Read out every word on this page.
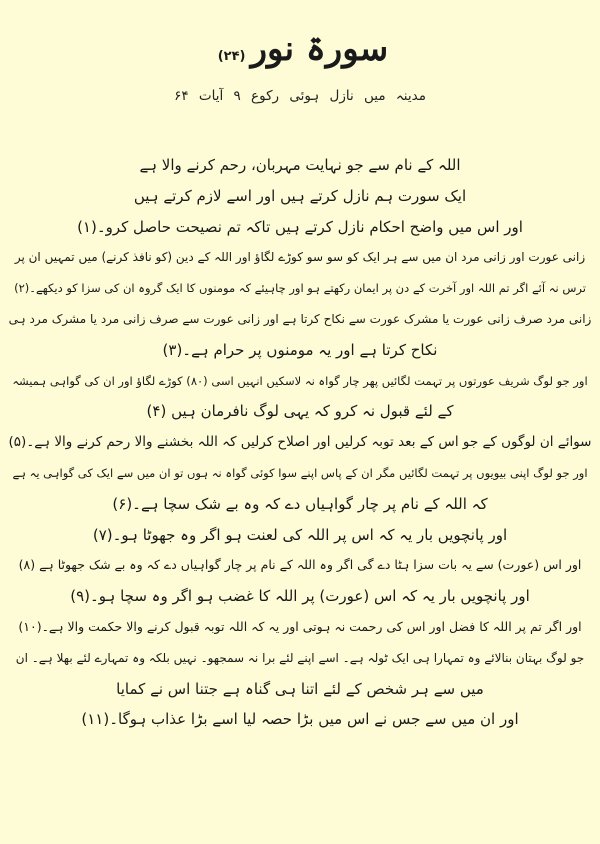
سورۃ نور (۲۴)
مدینہ میں نازل ہوئی رکوع ۹ آیات ۶۴
اللہ کے نام سے جو نہایت مہربان، رحم کرنے والا ہے
ایک سورت ہم نازل کرتے ہیں اور اسے لازم کرتے ہیں
اور اس میں واضح احکام نازل کرتے ہیں تاکہ تم نصیحت حاصل کرو۔(۱)
زانی عورت اور زانی مرد ان میں سے ہر ایک کو سو سو کوڑے لگاؤ اور اللہ کے دین (کو نافذ کرنے) میں تمہیں ان پر
ترس نہ آئے اگر تم اللہ اور آخرت کے دن پر ایمان رکھتے ہو اور چاہیئے کہ مومنوں کا ایک گروہ ان کی سزا کو دیکھے۔(۲)
زانی مرد صرف زانی عورت یا مشرک عورت سے نکاح کرتا ہے اور زانی عورت سے صرف زانی مرد یا مشرک مرد ہی
نکاح کرتا ہے اور یہ مومنوں پر حرام ہے۔(۳)
اور جو لوگ شریف عورتوں پر تہمت لگائیں پھر چار گواہ نہ لاسکیں انہیں اسی (۸۰) کوڑے لگاؤ اور ان کی گواہی ہمیشہ
کے لئے قبول نہ کرو کہ یہی لوگ نافرمان ہیں (۴)
سوائے ان لوگوں کے جو اس کے بعد توبہ کرلیں اور اصلاح کرلیں کہ اللہ بخشنے والا رحم کرنے والا ہے۔(۵)
اور جو لوگ اپنی بیویوں پر تہمت لگائیں مگر ان کے پاس اپنے سوا کوئی گواہ نہ ہوں تو ان میں سے ایک کی گواہی یہ ہے
کہ اللہ کے نام پر چار گواہیاں دے کہ وہ بے شک سچا ہے۔(۶)
اور پانچویں بار یہ کہ اس پر اللہ کی لعنت ہو اگر وہ جھوٹا ہو۔(۷)
اور اس (عورت) سے یہ بات سزا ہٹا دے گی اگر وہ اللہ کے نام پر چار گواہیاں دے کہ وہ بے شک جھوٹا ہے (۸)
اور پانچویں بار یہ کہ اس (عورت) پر اللہ کا غضب ہو اگر وہ سچا ہو۔(۹)
اور اگر تم پر اللہ کا فضل اور اس کی رحمت نہ ہوتی اور یہ کہ اللہ توبہ قبول کرنے والا حکمت والا ہے۔(۱۰)
جو لوگ بہتان بنالائے وہ تمہارا ہی ایک ٹولہ ہے۔ اسے اپنے لئے برا نہ سمجھو۔ نہیں بلکہ وہ تمہارے لئے بھلا ہے۔ ان
میں سے ہر شخص کے لئے اتنا ہی گناہ ہے جتنا اس نے کمایا
اور ان میں سے جس نے اس میں بڑا حصہ لیا اسے بڑا عذاب ہوگا۔(۱۱)
